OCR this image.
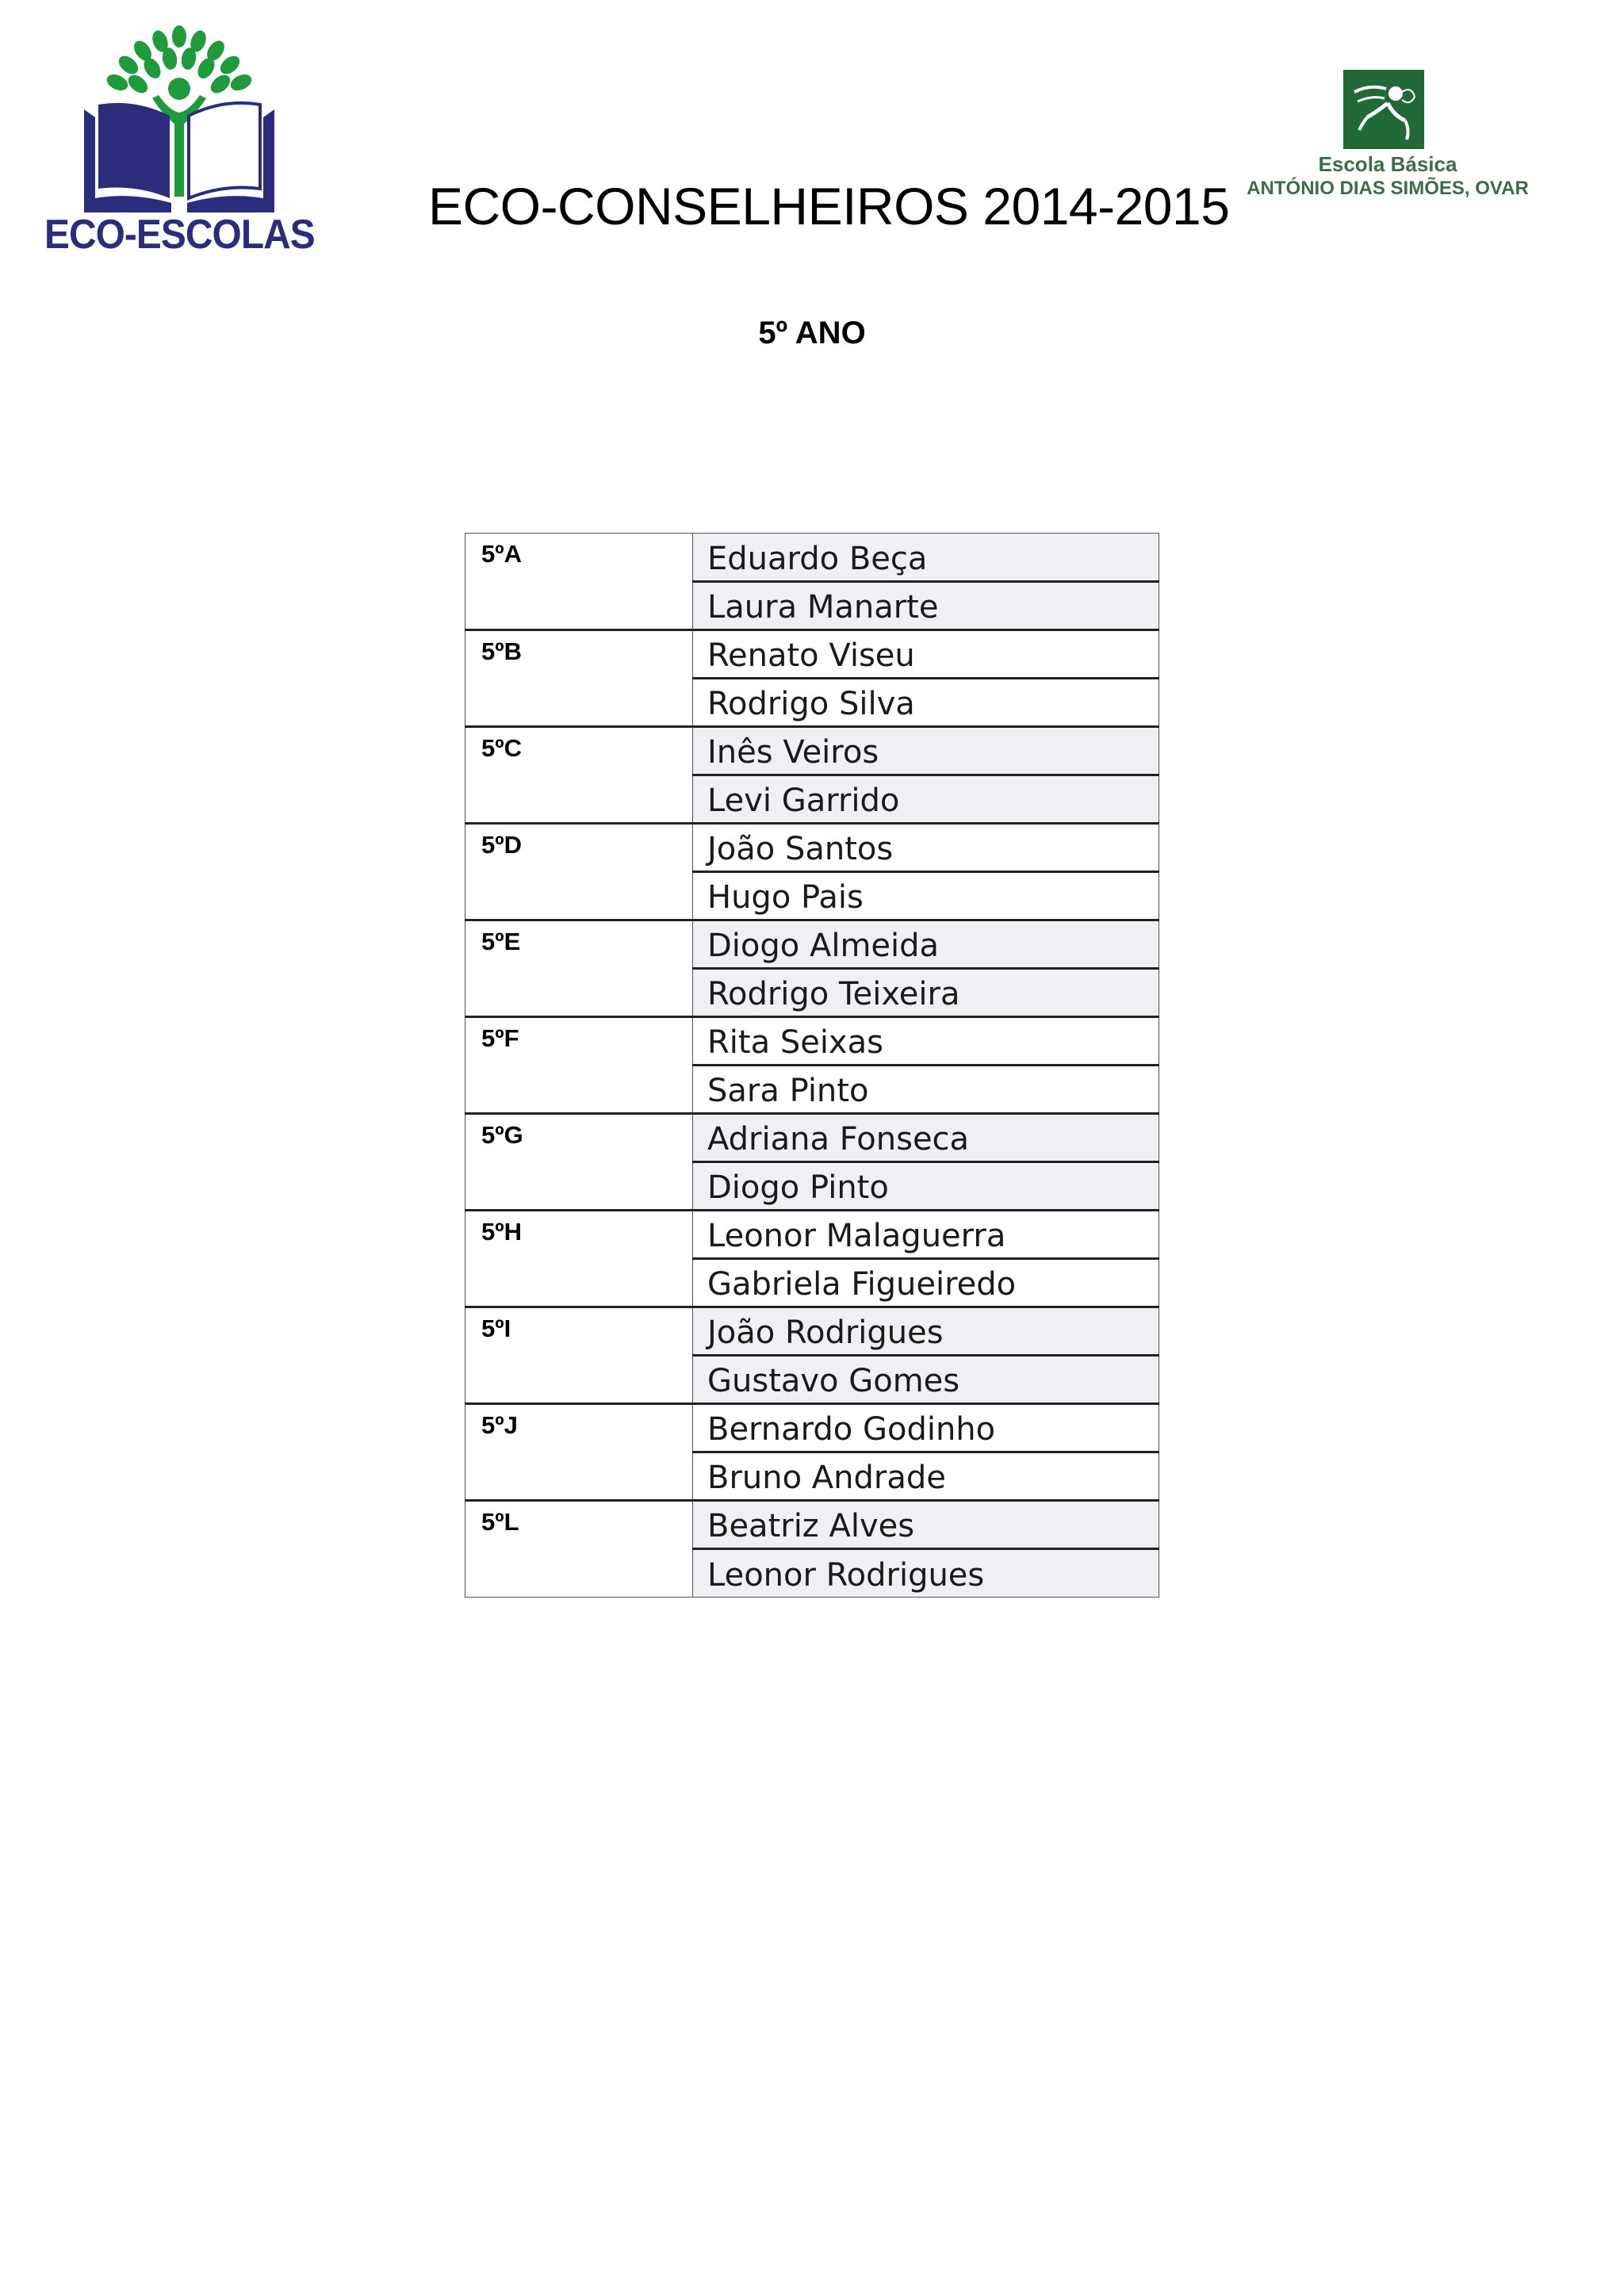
ECO-ESCOLAS
Escola Básica
ANTÓNIO DIAS SIMÕES, OVAR
ECO-CONSELHEIROS 2014-2015
5º ANO
5ºA	Eduardo Beça
	Laura Manarte
5ºB	Renato Viseu
	Rodrigo Silva
5ºC	Inês Veiros
	Levi Garrido
5ºD	João Santos
	Hugo Pais
5ºE	Diogo Almeida
	Rodrigo Teixeira
5ºF	Rita Seixas
	Sara Pinto
5ºG	Adriana Fonseca
	Diogo Pinto
5ºH	Leonor Malaguerra
	Gabriela Figueiredo
5ºI	João Rodrigues
	Gustavo Gomes
5ºJ	Bernardo Godinho
	Bruno Andrade
5ºL	Beatriz Alves
	Leonor Rodrigues
